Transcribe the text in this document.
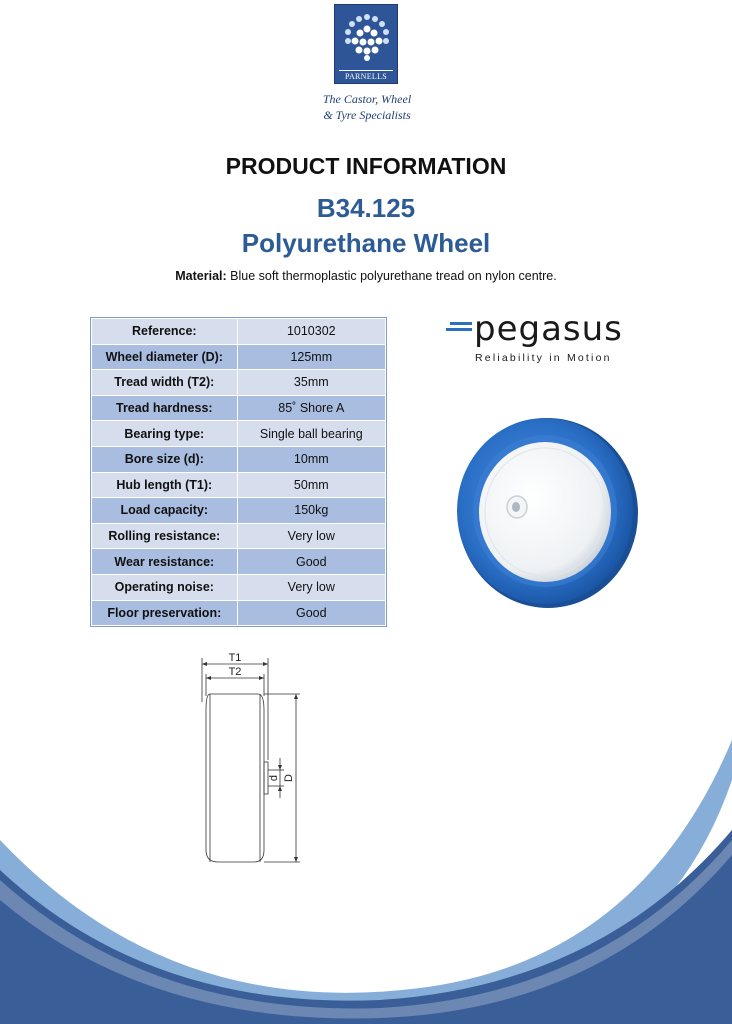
PARNELLS
The Castor, Wheel
& Tyre Specialists
PRODUCT INFORMATION
B34.125
Polyurethane Wheel
Material: Blue soft thermoplastic polyurethane tread on nylon centre.
Reference:	1010302
Wheel diameter (D):	125mm
Tread width (T2):	35mm
Tread hardness:	85˚ Shore A
Bearing type:	Single ball bearing
Bore size (d):	10mm
Hub length (T1):	50mm
Load capacity:	150kg
Rolling resistance:	Very low
Wear resistance:	Good
Operating noise:	Very low
Floor preservation:	Good
pegasus
Reliability in Motion
T1
T2
d D
